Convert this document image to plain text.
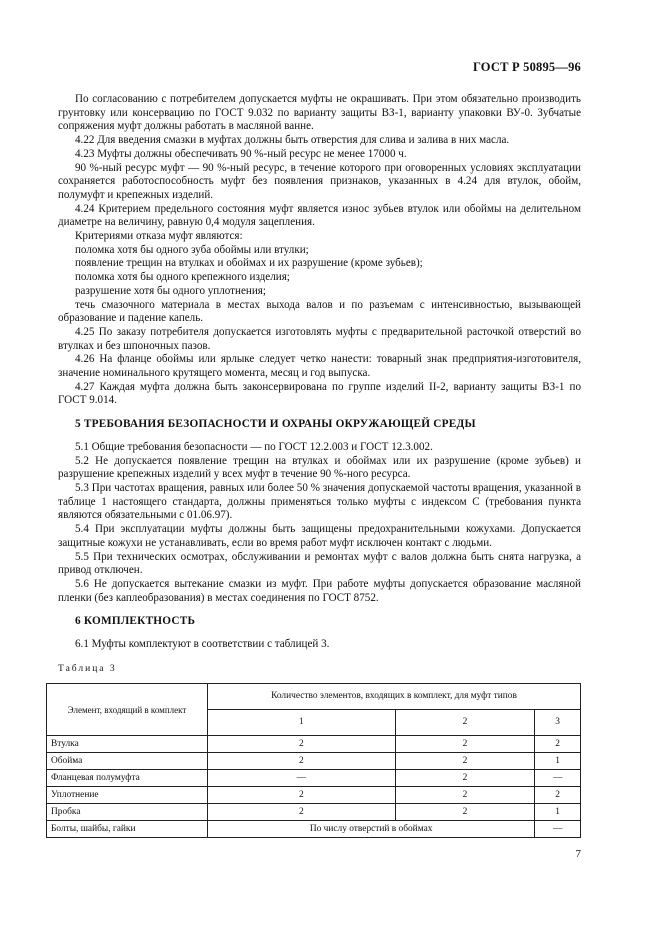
ГОСТ Р 50895—96

По согласованию с потребителем допускается муфты не окрашивать. При этом обязательно производить грунтовку или консервацию по ГОСТ 9.032 по варианту защиты ВЗ-1, варианту упаковки ВУ-0. Зубчатые сопряжения муфт должны работать в масляной ванне.

4.22 Для введения смазки в муфтах должны быть отверстия для слива и залива в них масла.

4.23 Муфты должны обеспечивать 90 %-ный ресурс не менее 17000 ч.

90 %-ный ресурс муфт — 90 %-ный ресурс, в течение которого при оговоренных условиях эксплуатации сохраняется работоспособность муфт без появления признаков, указанных в 4.24 для втулок, обойм, полумуфт и крепежных изделий.

4.24 Критерием предельного состояния муфт является износ зубьев втулок или обоймы на делительном диаметре на величину, равную 0,4 модуля зацепления.

Критериями отказа муфт являются:

поломка хотя бы одного зуба обоймы или втулки;

появление трещин на втулках и обоймах и их разрушение (кроме зубьев);

поломка хотя бы одного крепежного изделия;

разрушение хотя бы одного уплотнения;

течь смазочного материала в местах выхода валов и по разъемам с интенсивностью, вызывающей образование и падение капель.

4.25 По заказу потребителя допускается изготовлять муфты с предварительной расточкой отверстий во втулках и без шпоночных пазов.

4.26 На фланце обоймы или ярлыке следует четко нанести: товарный знак предприятия-изготовителя, значение номинального крутящего момента, месяц и год выпуска.

4.27 Каждая муфта должна быть законсервирована по группе изделий II-2, варианту защиты ВЗ-1 по ГОСТ 9.014.

5 ТРЕБОВАНИЯ БЕЗОПАСНОСТИ И ОХРАНЫ ОКРУЖАЮЩЕЙ СРЕДЫ

5.1 Общие требования безопасности — по ГОСТ 12.2.003 и ГОСТ 12.3.002.

5.2 Не допускается появление трещин на втулках и обоймах или их разрушение (кроме зубьев) и разрушение крепежных изделий у всех муфт в течение 90 %-ного ресурса.

5.3 При частотах вращения, равных или более 50 % значения допускаемой частоты вращения, указанной в таблице 1 настоящего стандарта, должны применяться только муфты с индексом С (требования пункта являются обязательными с 01.06.97).

5.4 При эксплуатации муфты должны быть защищены предохранительными кожухами. Допускается защитные кожухи не устанавливать, если во время работ муфт исключен контакт с людьми.

5.5 При технических осмотрах, обслуживании и ремонтах муфт с валов должна быть снята нагрузка, а привод отключен.

5.6 Не допускается вытекание смазки из муфт. При работе муфты допускается образование масляной пленки (без каплеобразования) в местах соединения по ГОСТ 8752.

6 КОМПЛЕКТНОСТЬ

6.1 Муфты комплектуют в соответствии с таблицей 3.

Таблица 3
Элемент, входящий в комплект	Количество элементов, входящих в комплект, для муфт типов		
	1	2	3
Втулка	2	2	2
Обойма	2	2	1
Фланцевая полумуфта	—	2	—
Уплотнение	2	2	2
Пробка	2	2	1
Болты, шайбы, гайки	По числу отверстий в обоймах		—
7
